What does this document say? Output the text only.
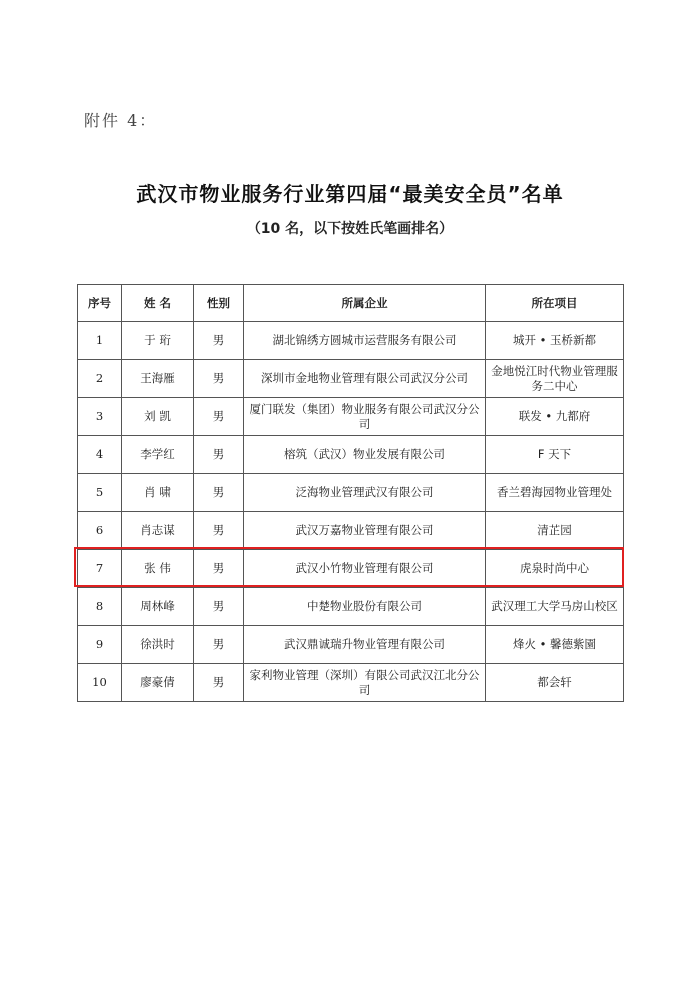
附件 4：
武汉市物业服务行业第四届“最美安全员”名单
（10 名，以下按姓氏笔画排名）
序号	姓 名	性别	所属企业	所在项目
1	于 珩	男	湖北锦绣方圆城市运营服务有限公司	城开 • 玉桥新都
2	王海雁	男	深圳市金地物业管理有限公司武汉分公司	金地悦江时代物业管理服务二中心
3	刘 凯	男	厦门联发（集团）物业服务有限公司武汉分公司	联发 • 九都府
4	李学红	男	榕筑（武汉）物业发展有限公司	F 天下
5	肖 啸	男	泛海物业管理武汉有限公司	香兰碧海园物业管理处
6	肖志谋	男	武汉万嘉物业管理有限公司	清芷园
7	张 伟	男	武汉小竹物业管理有限公司	虎泉时尚中心
8	周林峰	男	中楚物业股份有限公司	武汉理工大学马房山校区
9	徐洪时	男	武汉鼎诚瑞升物业管理有限公司	烽火 • 馨德紫園
10	廖豪倩	男	家利物业管理（深圳）有限公司武汉江北分公司	都会轩
